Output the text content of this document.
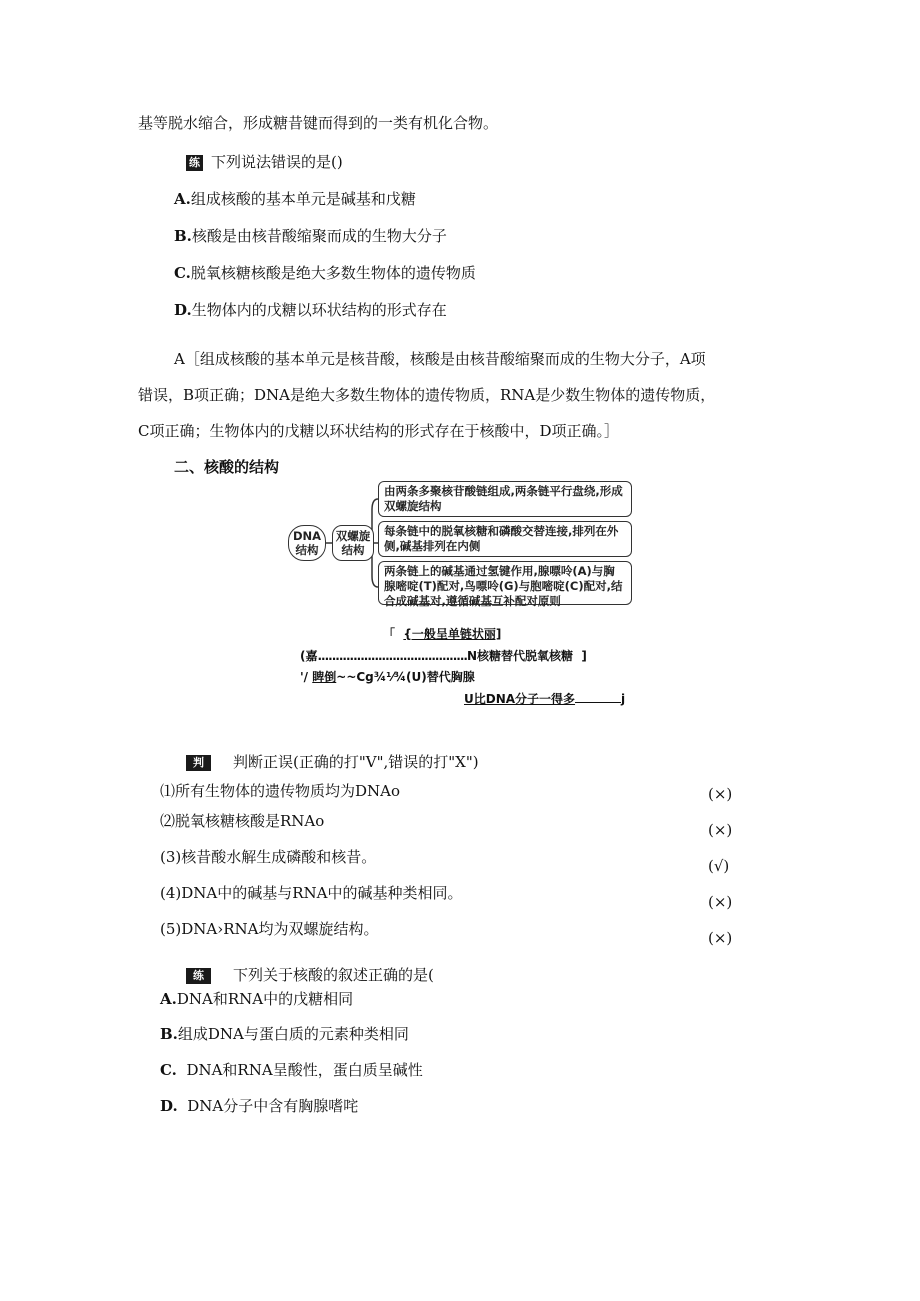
基等脱水缩合，形成糖昔键而得到的一类有机化合物。
练 下列说法错误的是()
A.组成核酸的基本单元是碱基和戊糖
B.核酸是由核昔酸缩聚而成的生物大分子
C.脱氧核糖核酸是绝大多数生物体的遗传物质
D.生物体内的戊糖以环状结构的形式存在
A［组成核酸的基本单元是核昔酸，核酸是由核昔酸缩聚而成的生物大分子，A项
错误，B项正确；DNA是绝大多数生物体的遗传物质，RNA是少数生物体的遗传物质，
C项正确；生物体内的戊糖以环状结构的形式存在于核酸中，D项正确。］
二、核酸的结构
DNA
结构
双螺旋
结构
由两条多聚核苷酸链组成,两条链平行盘绕,形成双螺旋结构
每条链中的脱氧核糖和磷酸交替连接,排列在外侧,碱基排列在内侧
两条链上的碱基通过氢键作用,腺嘌呤(A)与胸腺嘧啶(T)配对,鸟嘌呤(G)与胞嘧啶(C)配对,结合成碱基对,遵循碱基互补配对原则
「 {一般呈单链状丽]
(嘉..........................................N核糖替代脱氧核糖 ]
'/ 睥倒~~Cg¾⅟¾(U)替代胸腺
U比DNA分子一得多	j
判 判断正误(正确的打"V",错误的打"X")
⑴所有生物体的遗传物质均为DNAo	(×)
⑵脱氧核糖核酸是RNAo	(×)
(3)核昔酸水解生成磷酸和核昔。	(√)
(4)DNA中的碱基与RNA中的碱基种类相同。	(×)
(5)DNA›RNA均为双螺旋结构。	(×)
练 下列关于核酸的叙述正确的是(
A.DNA和RNA中的戊糖相同
B.组成DNA与蛋白质的元素种类相同
C. DNA和RNA呈酸性，蛋白质呈碱性
D. DNA分子中含有胸腺嗜咤
